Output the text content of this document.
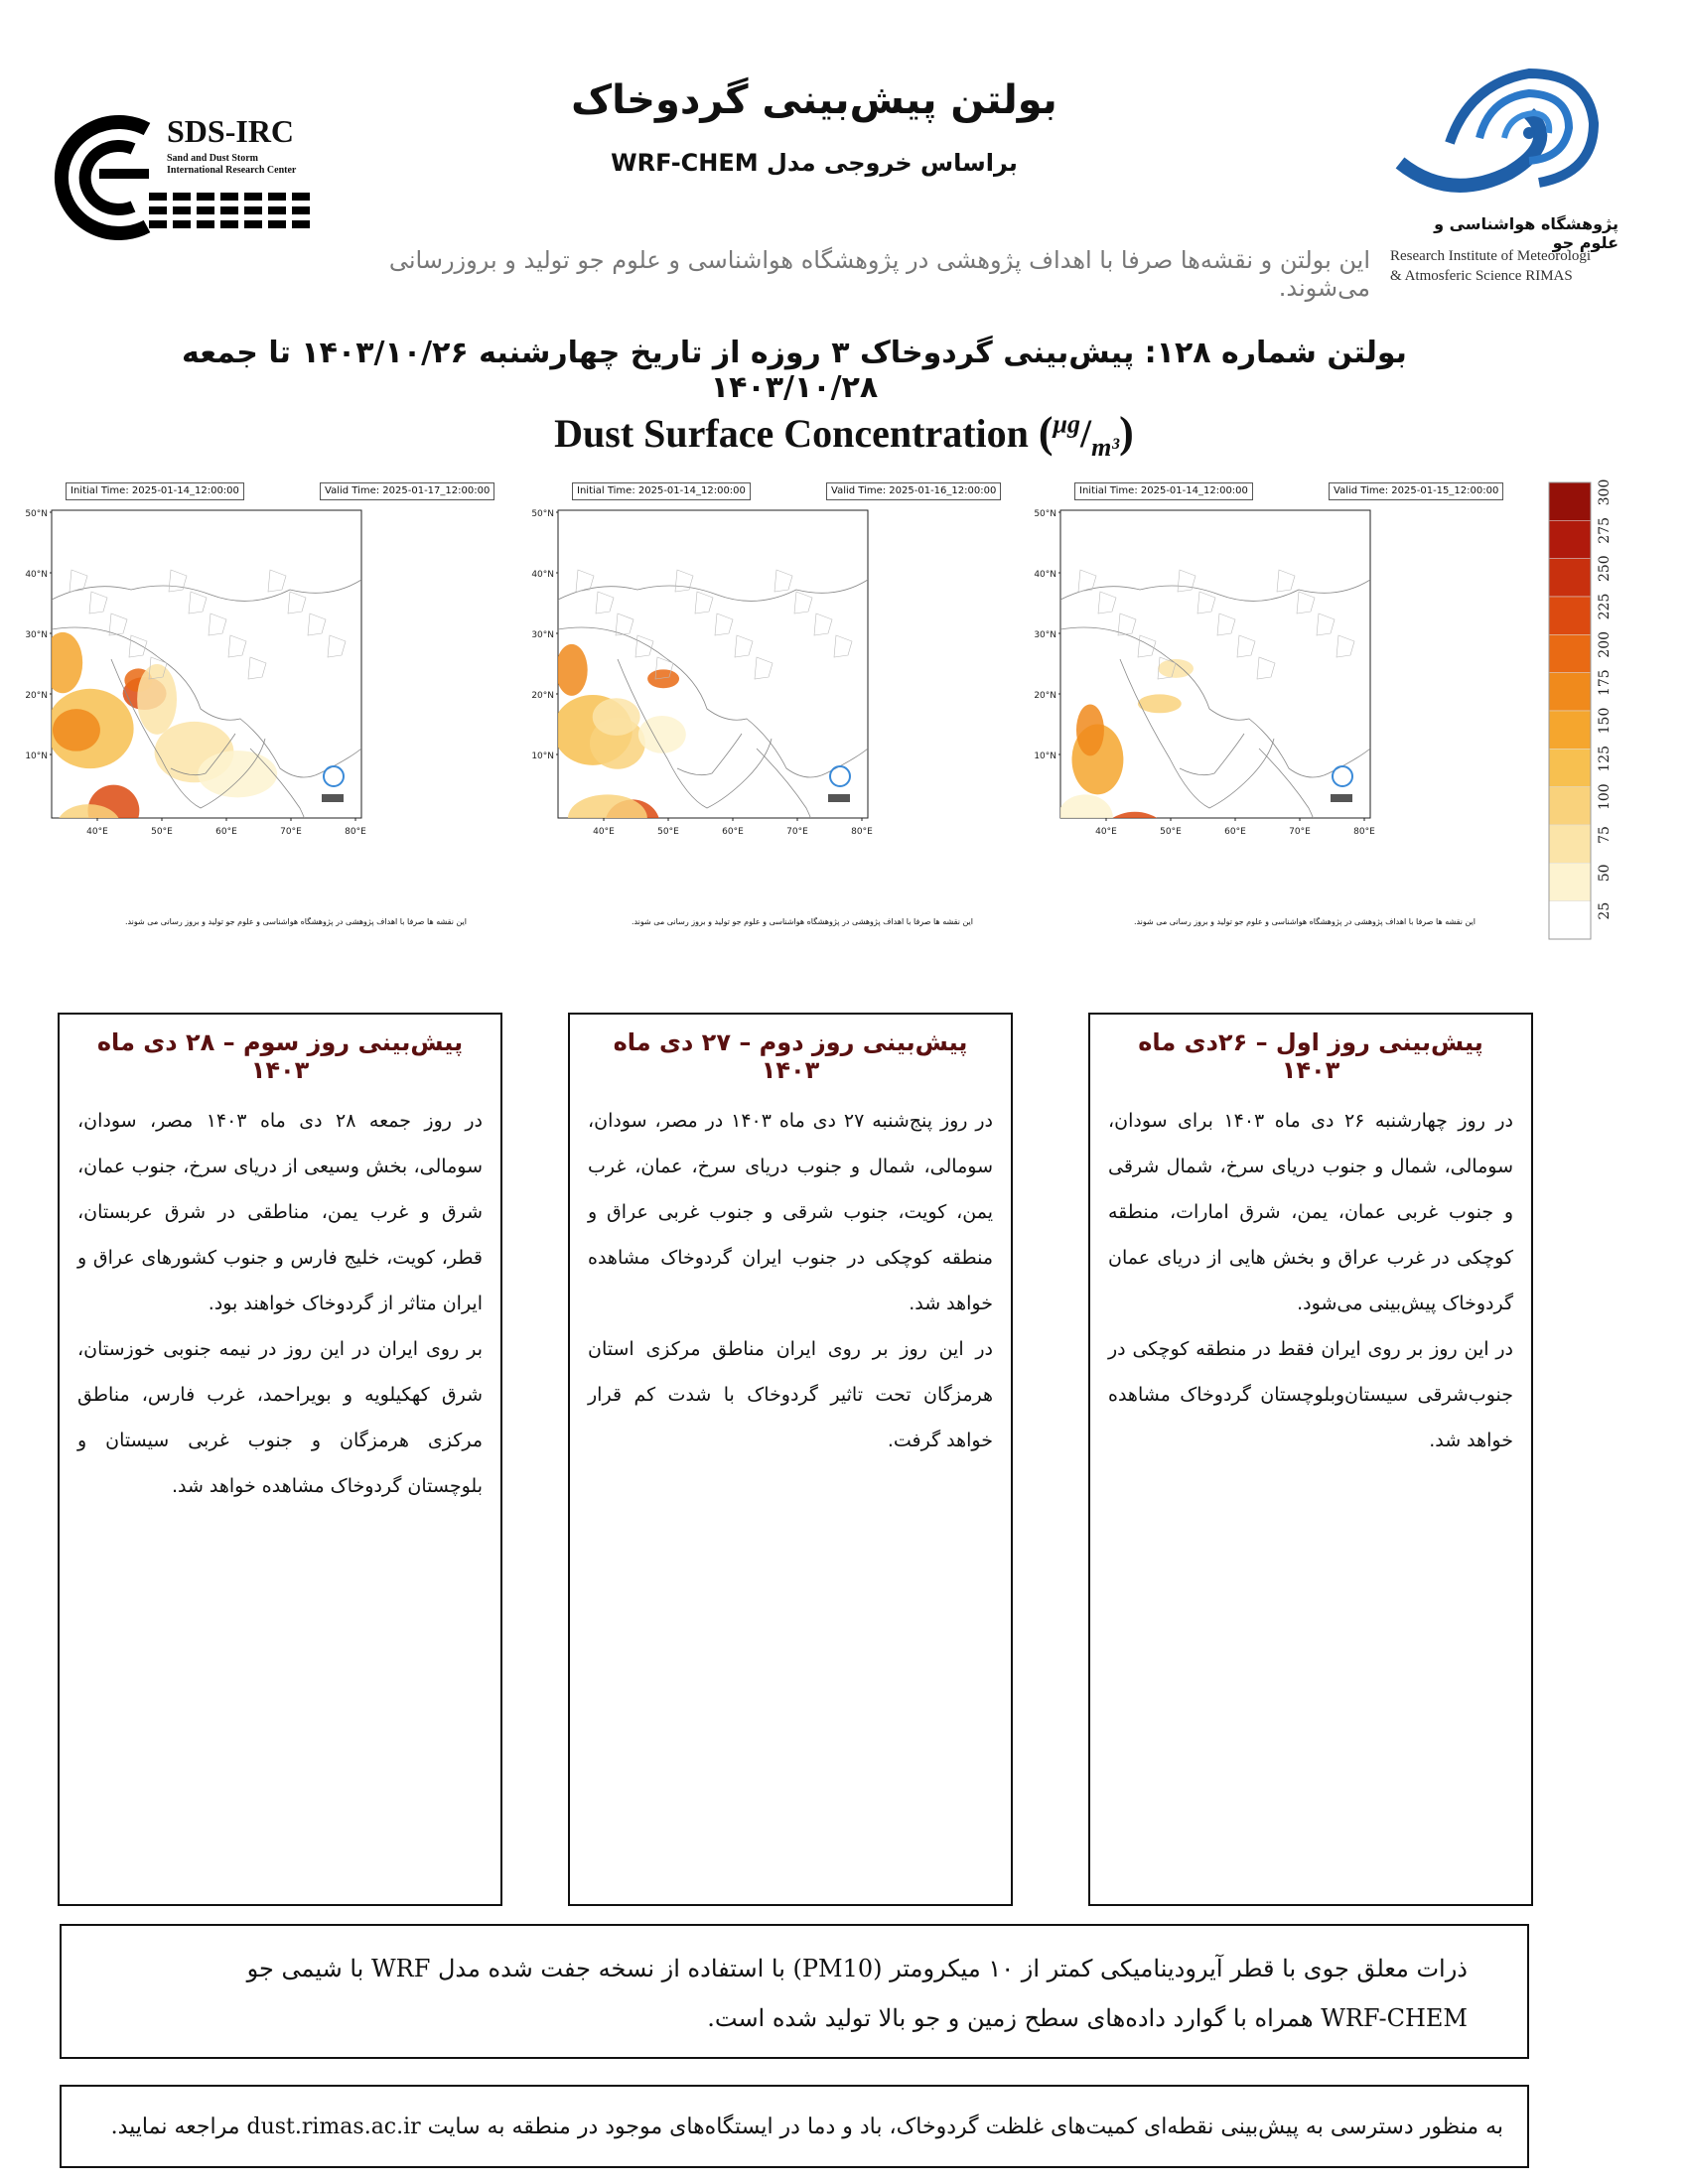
SDS-IRC
Sand and Dust Storm
International Research Center
بولتن پیش‌بینی گردوخاک
براساس خروجی مدل WRF-CHEM
پژوهشگاه هواشناسی و علوم جو
Research Institute of Meteorologi
& Atmosferic Science RIMAS
این بولتن و نقشه‌ها صرفا با اهداف پژوهشی در پژوهشگاه هواشناسی و علوم جو تولید و بروزرسانی می‌شوند.
بولتن شماره ۱۲۸: پیش‌بینی گردوخاک ۳ روزه از تاریخ چهارشنبه ۱۴۰۳/۱۰/۲۶ تا جمعه ۱۴۰۳/۱۰/۲۸
Dust Surface Concentration $(^{\mu g}/_{m^3})$
Initial Time: 2025-01-14_12:00:00	Valid Time: 2025-01-17_12:00:00
50°N
40°N
30°N
20°N
10°N
40°E	50°E	60°E	70°E	80°E
این نقشه ها صرفا با اهداف پژوهشی در پژوهشگاه هواشناسی و علوم جو تولید و بروز رسانی می شوند.
Initial Time: 2025-01-14_12:00:00	Valid Time: 2025-01-16_12:00:00
50°N
40°N
30°N
20°N
10°N
40°E	50°E	60°E	70°E	80°E
این نقشه ها صرفا با اهداف پژوهشی در پژوهشگاه هواشناسی و علوم جو تولید و بروز رسانی می شوند.
Initial Time: 2025-01-14_12:00:00	Valid Time: 2025-01-15_12:00:00
50°N
40°N
30°N
20°N
10°N
40°E	50°E	60°E	70°E	80°E
این نقشه ها صرفا با اهداف پژوهشی در پژوهشگاه هواشناسی و علوم جو تولید و بروز رسانی می شوند.
300
275
250
225
200
175
150
125
100
75
50
25

پیش‌بینی روز سوم – ۲۸ دی ماه ۱۴۰۳

در روز جمعه ۲۸ دی ماه ۱۴۰۳ مصر، سودان، سومالی، بخش وسیعی از دریای سرخ، جنوب عمان، شرق و غرب یمن، مناطقی در شرق عربستان، قطر، کویت، خلیج فارس و جنوب کشورهای عراق و ایران متاثر از گردوخاک خواهند بود.

بر روی ایران در این روز در نیمه جنوبی خوزستان، شرق کهکیلویه و بویراحمد، غرب فارس، مناطق مرکزی هرمزگان و جنوب غربی سیستان و بلوچستان گردوخاک مشاهده خواهد شد.

پیش‌بینی روز دوم – ۲۷ دی ماه ۱۴۰۳

در روز پنج‌شنبه ۲۷ دی ماه ۱۴۰۳ در مصر، سودان، سومالی، شمال و جنوب دریای سرخ، عمان، غرب یمن، کویت، جنوب شرقی و جنوب غربی عراق و منطقه کوچکی در جنوب ایران گردوخاک مشاهده خواهد شد.

در این روز بر روی ایران مناطق مرکزی استان هرمزگان تحت تاثیر گردوخاک با شدت کم قرار خواهد گرفت.

پیش‌بینی روز اول – ۲۶دی ماه ۱۴۰۳

در روز چهارشنبه ۲۶ دی ماه ۱۴۰۳ برای سودان، سومالی، شمال و جنوب دریای سرخ، شمال شرقی و جنوب غربی عمان، یمن، شرق امارات، منطقه کوچکی در غرب عراق و بخش هایی از دریای عمان گردوخاک پیش‌بینی می‌شود.

در این روز بر روی ایران فقط در منطقه کوچکی در جنوب‌شرقی سیستان‌وبلوچستان گردوخاک مشاهده خواهد شد.

ذرات معلق جوی با قطر آیرودینامیکی کمتر از ۱۰ میکرومتر (PM10) با استفاده از نسخه جفت شده مدل WRF با شیمی جو

WRF-CHEM همراه با گوارد داده‌های سطح زمین و جو بالا تولید شده است.

به منظور دسترسی به پیش‌بینی نقطه‌ای کمیت‌های غلظت گردوخاک، باد و دما در ایستگاه‌های موجود در منطقه به سایت dust.rimas.ac.ir مراجعه نمایید.
